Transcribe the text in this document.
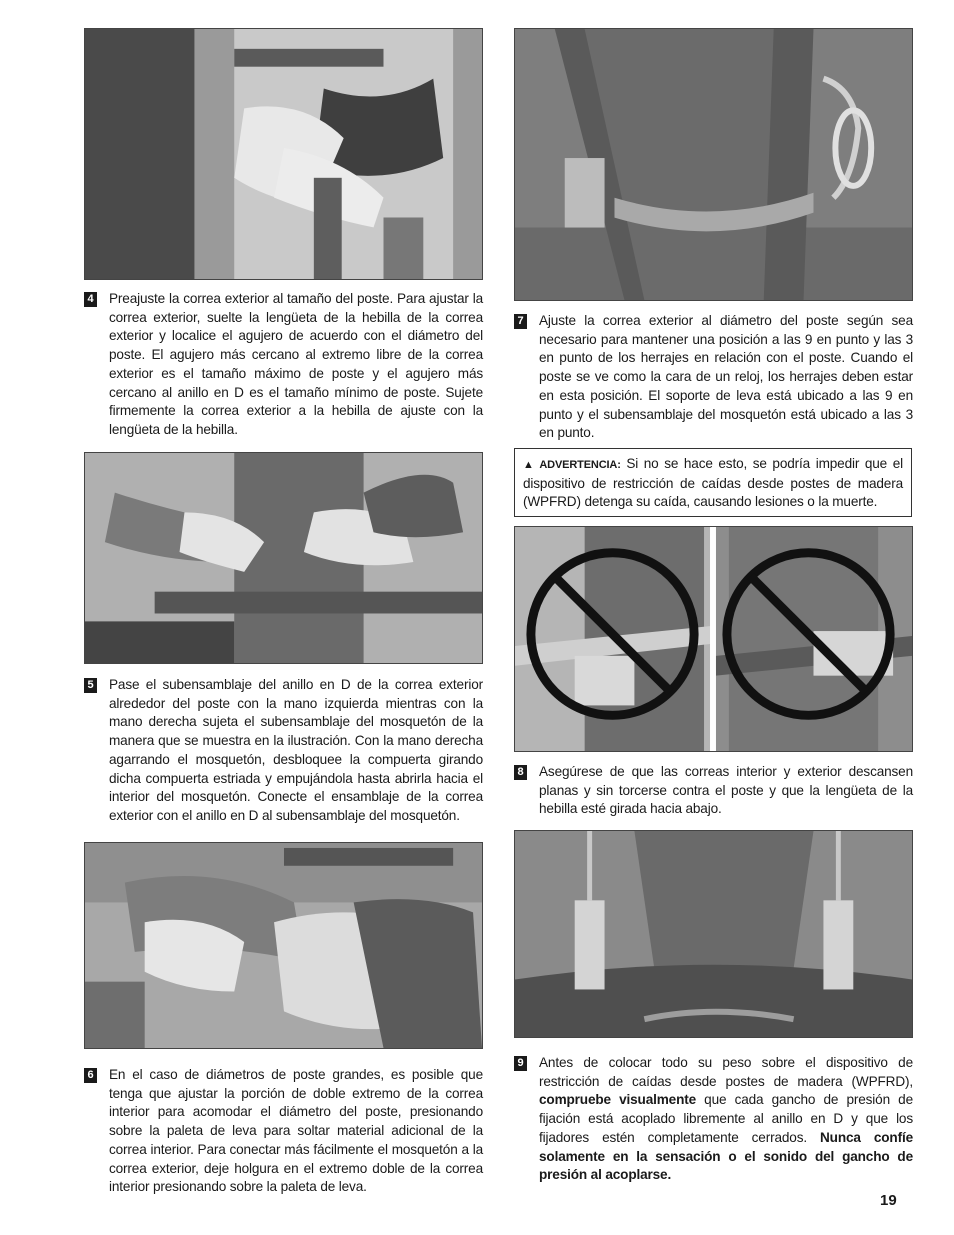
4 Preajuste la correa exterior al tamaño del poste. Para ajustar la correa exterior, suelte la lengüeta de la hebilla de la correa exterior y localice el agujero de acuerdo con el diámetro del poste. El agujero más cercano al extremo libre de la correa exterior es el tamaño máximo de poste y el agujero más cercano al anillo en D es el tamaño mínimo de poste. Sujete firmemente la correa exterior a la hebilla de ajuste con la lengüeta de la hebilla.
5 Pase el subensamblaje del anillo en D de la correa exterior alrededor del poste con la mano izquierda mientras con la mano derecha sujeta el subensamblaje del mosquetón de la manera que se muestra en la ilustración. Con la mano derecha agarrando el mosquetón, desbloquee la compuerta girando dicha compuerta estriada y empujándola hasta abrirla hacia el interior del mosquetón. Conecte el ensamblaje de la correa exterior con el anillo en D al subensamblaje del mosquetón.
6 En el caso de diámetros de poste grandes, es posible que tenga que ajustar la porción de doble extremo de la correa interior para acomodar el diámetro del poste, presionando sobre la paleta de leva para soltar material adicional de la correa interior. Para conectar más fácilmente el mosquetón a la correa exterior, deje holgura en el extremo doble de la correa interior presionando sobre la paleta de leva.
7 Ajuste la correa exterior al diámetro del poste según sea necesario para mantener una posición a las 9 en punto y las 3 en punto de los herrajes en relación con el poste. Cuando el poste se ve como la cara de un reloj, los herrajes deben estar en esta posición. El soporte de leva está ubicado a las 9 en punto y el subensamblaje del mosquetón está ubicado a las 3 en punto.
▲ ADVERTENCIA: Si no se hace esto, se podría impedir que el dispositivo de restricción de caídas desde postes de madera (WPFRD) detenga su caída, causando lesiones o la muerte.
8 Asegúrese de que las correas interior y exterior descansen planas y sin torcerse contra el poste y que la lengüeta de la hebilla esté girada hacia abajo.
9 Antes de colocar todo su peso sobre el dispositivo de restricción de caídas desde postes de madera (WPFRD), compruebe visualmente que cada gancho de presión de fijación está acoplado libremente al anillo en D y que los fijadores estén completamente cerrados. Nunca confíe solamente en la sensación o el sonido del gancho de presión al acoplarse.
19
